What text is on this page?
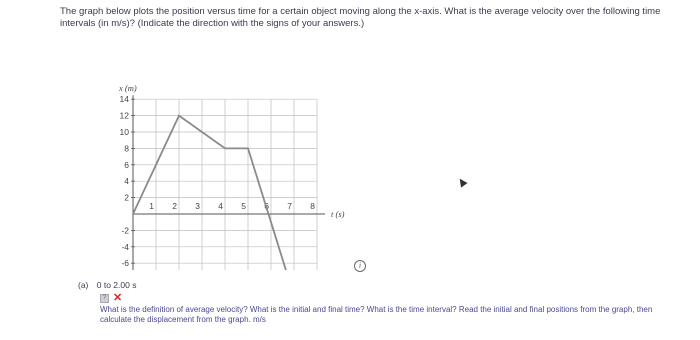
The graph below plots the position versus time for a certain object moving along the x-axis. What is the average velocity over the following time intervals (in m/s)? (Indicate the direction with the signs of your answers.)
14
12
10
8
6
4
2
-2
-4
-6
1 2 3 4 5 6 7 8
x (m)
t (s)
i
(a) 0 to 2.00 s
? ✕
What is the definition of average velocity? What is the initial and final time? What is the time interval? Read the initial and final positions from the graph, then calculate the displacement from the graph. m/s
